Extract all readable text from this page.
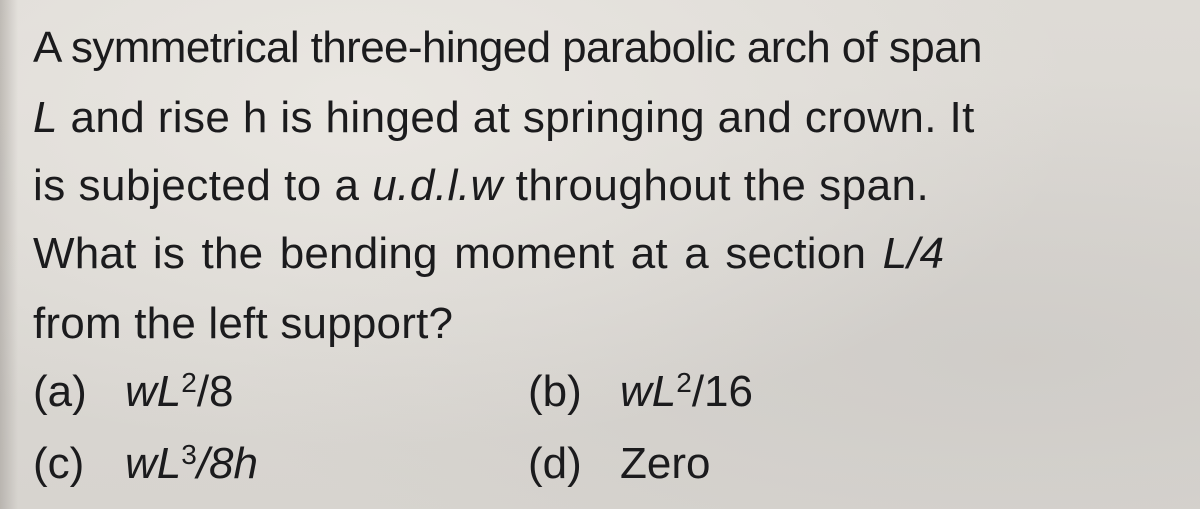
A symmetrical three-hinged parabolic arch of span
L and rise h is hinged at springing and crown. It
is subjected to a u.d.l.w throughout the span.
What is the bending moment at a section L/4
from the left support?
(a) $wL^2/8$	(b) $wL^2/16$
(c) $wL^3/8h$	(d) Zero
